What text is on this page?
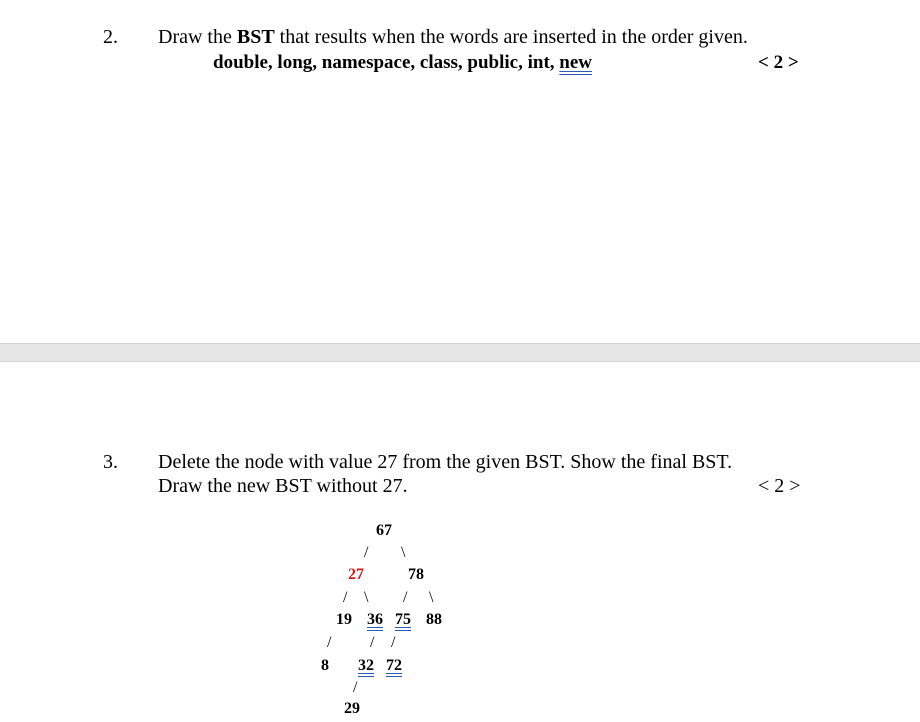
2. Draw the BST that results when the words are inserted in the order given.
double, long, namespace, class, public, int, new	< 2 >
3. Delete the node with value 27 from the given BST. Show the final BST.
Draw the new BST without 27.	< 2 >
67
/ \
27	78
/ \ / \
19 36 75 88
/ / /
8 32 72
/
29
